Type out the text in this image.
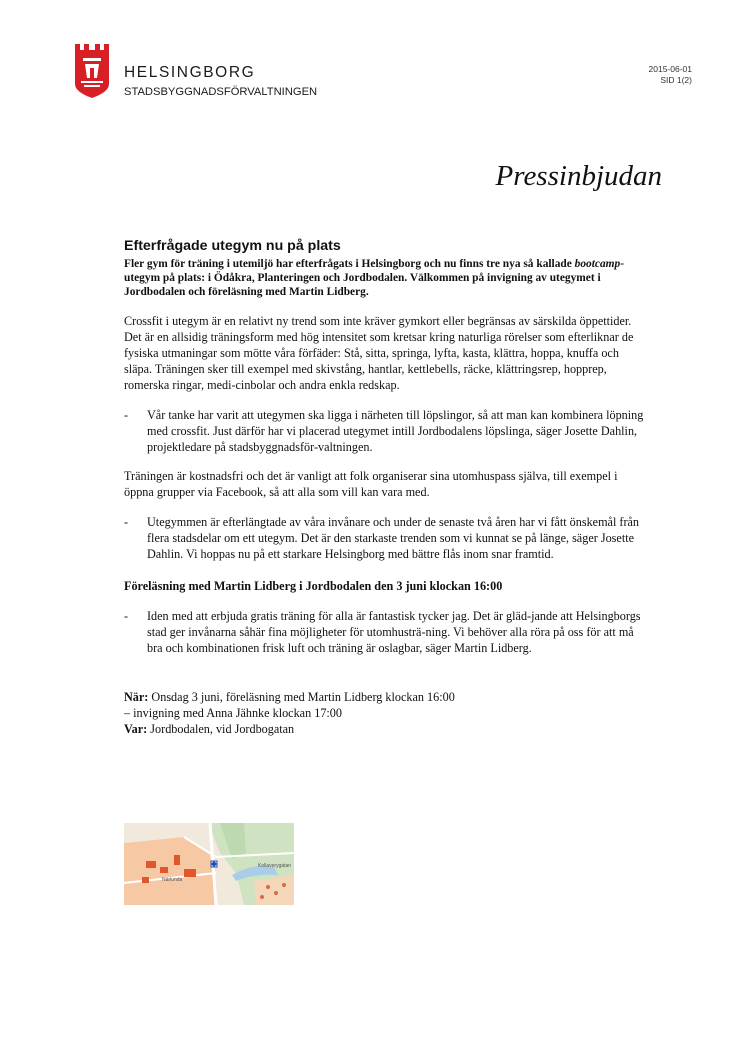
HELSINGBORG
STADSBYGGNADSFÖRVALTNINGEN
2015-06-01
SID 1(2)
Pressinbjudan
Efterfrågade utegym nu på plats

Fler gym för träning i utemiljö har efterfrågats i Helsingborg och nu finns tre nya så kallade bootcamp-utegym på plats: i Ödåkra, Planteringen och Jordbodalen. Välkommen på invigning av utegymet i Jordbodalen och föreläsning med Martin Lidberg.

Crossfit i utegym är en relativt ny trend som inte kräver gymkort eller begränsas av särskilda öppettider. Det är en allsidig träningsform med hög intensitet som kretsar kring naturliga rörelser som efterliknar de fysiska utmaningar som mötte våra förfäder: Stå, sitta, springa, lyfta, kasta, klättra, hoppa, knuffa och släpa. Träningen sker till exempel med skivstång, hantlar, kettlebells, räcke, klättringsrep, hopprep, romerska ringar, medi-cinbolar och andra enkla redskap.

- Vår tanke har varit att utegymen ska ligga i närheten till löpslingor, så att man kan kombinera löpning med crossfit. Just därför har vi placerad utegymet intill Jordbodalens löpslinga, säger Josette Dahlin, projektledare på stadsbyggnadsför-valtningen.

Träningen är kostnadsfri och det är vanligt att folk organiserar sina utomhuspass själva, till exempel i öppna grupper via Facebook, så att alla som vill kan vara med.

- Utegymmen är efterlängtade av våra invånare och under de senaste två åren har vi fått önskemål från flera stadsdelar om ett utegym. Det är den starkaste trenden som vi kunnat se på länge, säger Josette Dahlin. Vi hoppas nu på ett starkare Helsingborg med bättre flås inom snar framtid.

Föreläsning med Martin Lidberg i Jordbodalen den 3 juni klockan 16:00

- Iden med att erbjuda gratis träning för alla är fantastisk tycker jag. Det är gläd-jande att Helsingborgs stad ger invånarna såhär fina möjligheter för utomhusträ-ning. Vi behöver alla röra på oss för att må bra och kombinationen frisk luft och träning är oslagbar, säger Martin Lidberg.
När: Onsdag 3 juni, föreläsning med Martin Lidberg klockan 16:00
– invigning med Anna Jähnke klockan 17:00
Var: Jordbodalen, vid Jordbogatan
Närlunda
Kollaverygatan
